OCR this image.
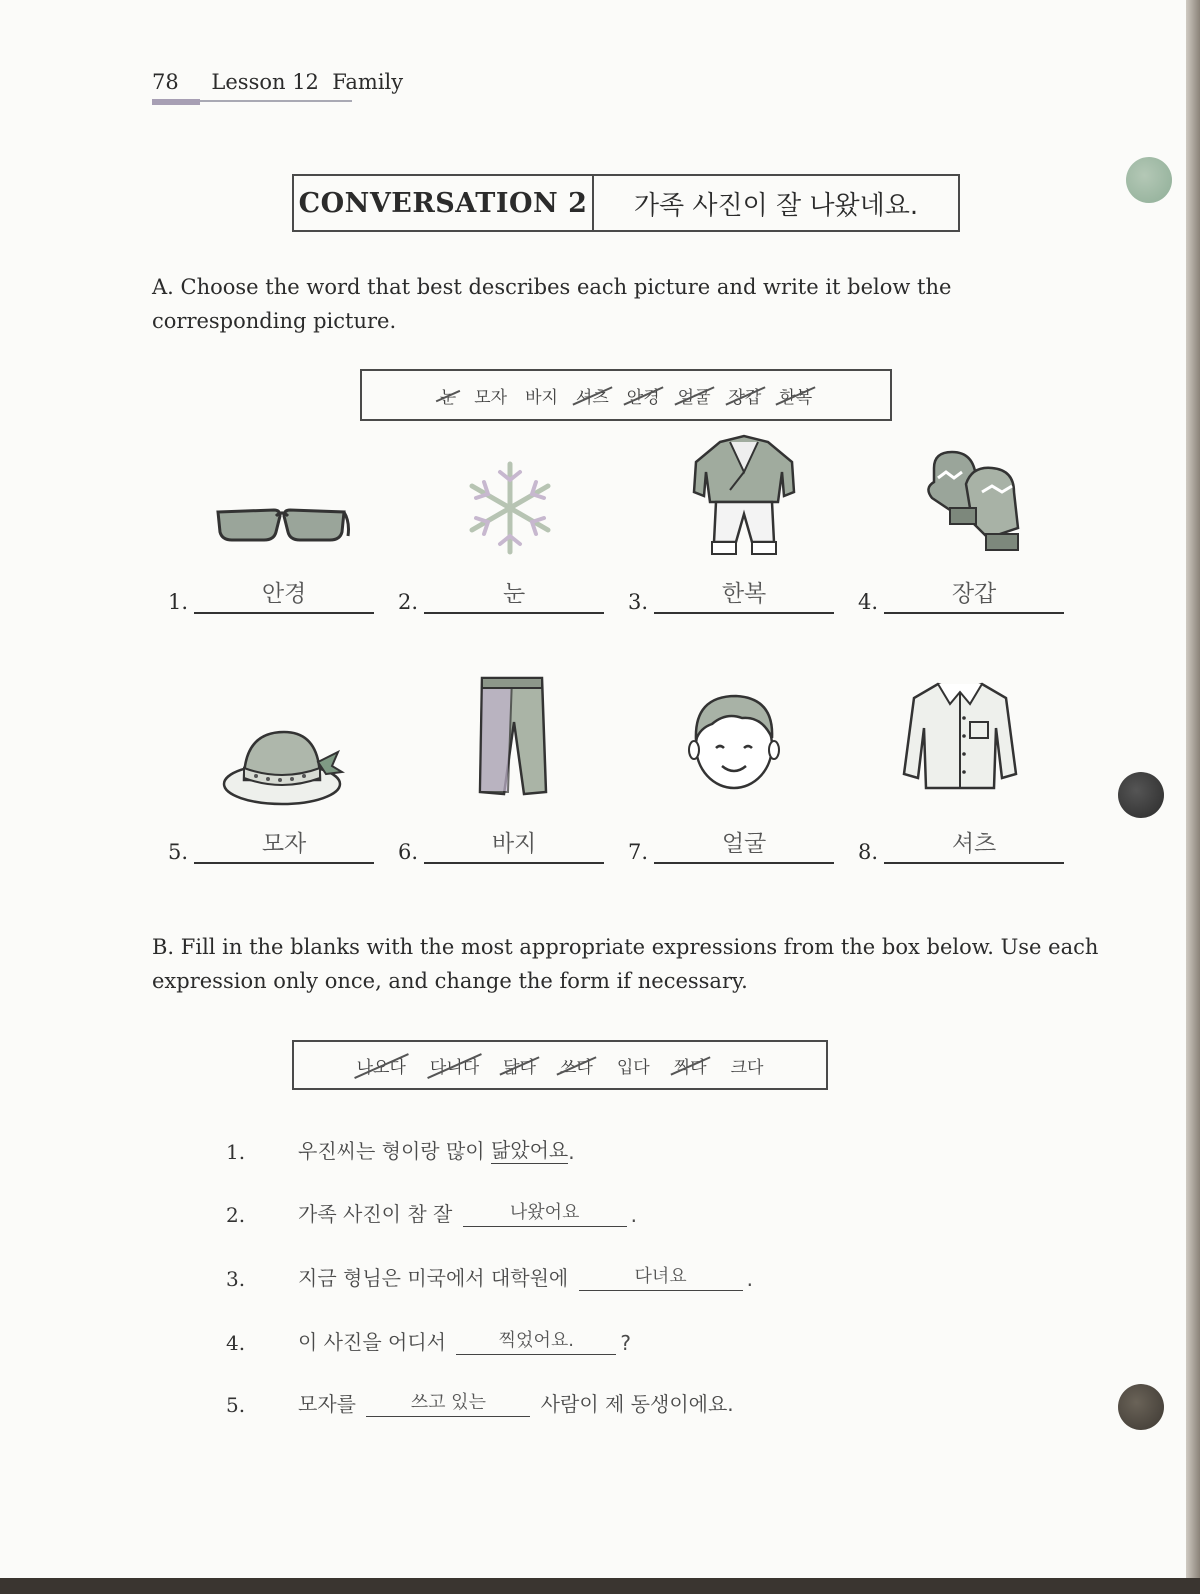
78 Lesson 12  Family
CONVERSATION 2	가족 사진이 잘 나왔네요.
A. Choose the word that best describes each picture and write it below the corresponding picture.
눈 모자 바지 셔츠 안경 얼굴 장갑 한복
1.	안경	2.	눈	3.	한복	4.	장갑
5.	모자	6.	바지	7.	얼굴	8.	셔츠
B. Fill in the blanks with the most appropriate expressions from the box below. Use each expression only once, and change the form if necessary.
나오다 다니다 닮다 쓰다 입다 찍다 크다
1.	우진씨는 형이랑 많이 닮았어요 .
2.	가족 사진이 참 잘	나왔어요	.
3.	지금 형님은 미국에서 대학원에	다녀요	.
4.	이 사진을 어디서	찍었어요.	?
5.	모자를	쓰고 있는	사람이 제 동생이에요.
